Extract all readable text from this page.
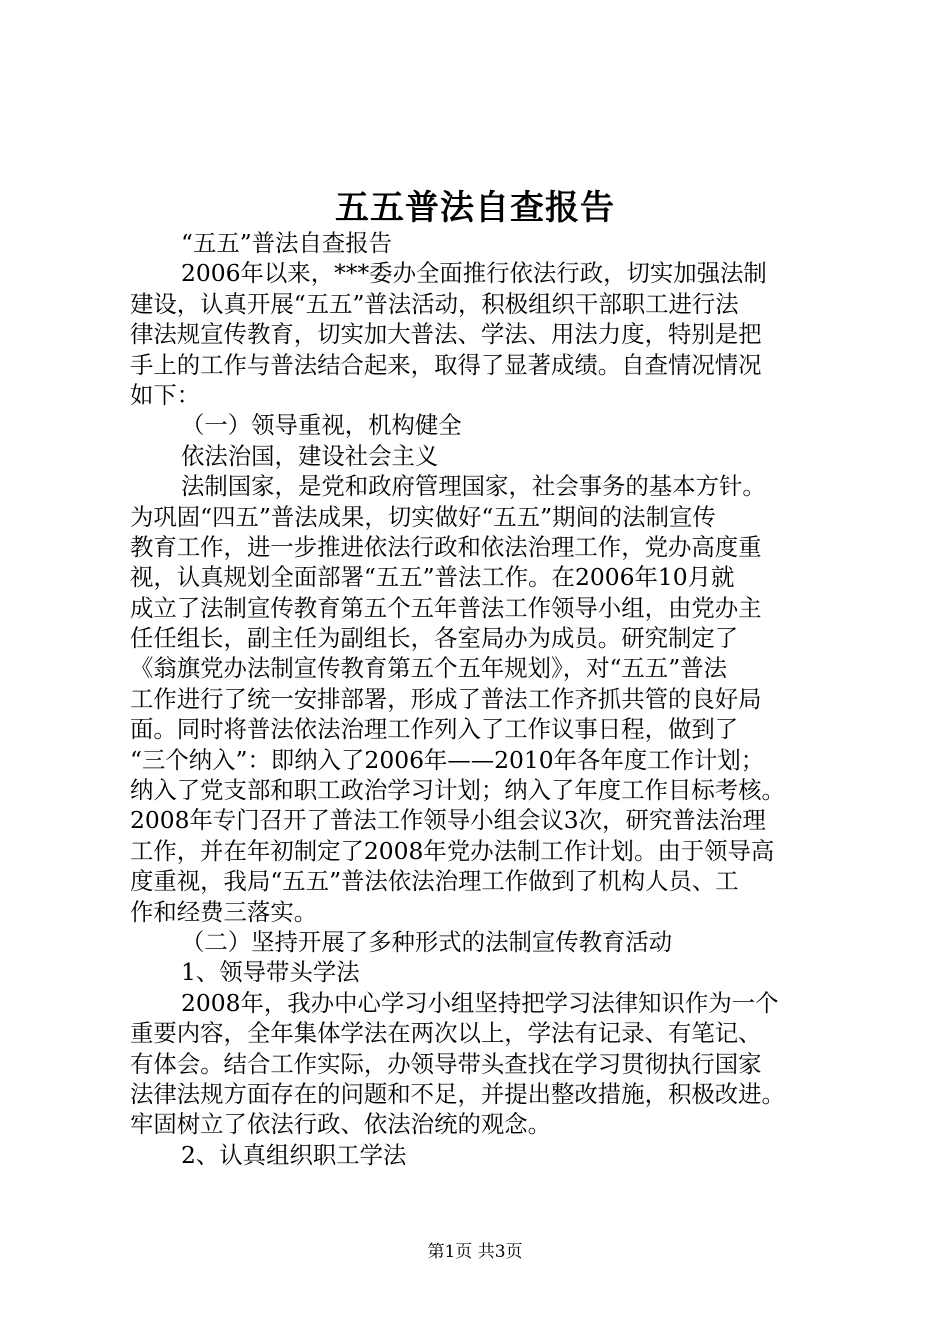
五五普法自查报告
“五五”普法自查报告
2006年以来，***委办全面推行依法行政，切实加强法制
建设，认真开展“五五”普法活动，积极组织干部职工进行法
律法规宣传教育，切实加大普法、学法、用法力度，特别是把
手上的工作与普法结合起来，取得了显著成绩。自查情况情况
如下：
（一）领导重视，机构健全
依法治国，建设社会主义
法制国家，是党和政府管理国家，社会事务的基本方针。
为巩固“四五”普法成果，切实做好“五五”期间的法制宣传
教育工作，进一步推进依法行政和依法治理工作，党办高度重
视，认真规划全面部署“五五”普法工作。在2006年10月就
成立了法制宣传教育第五个五年普法工作领导小组，由党办主
任任组长，副主任为副组长，各室局办为成员。研究制定了
《翁旗党办法制宣传教育第五个五年规划》，对“五五”普法
工作进行了统一安排部署，形成了普法工作齐抓共管的良好局
面。同时将普法依法治理工作列入了工作议事日程，做到了
“三个纳入”：即纳入了2006年——2010年各年度工作计划；
纳入了党支部和职工政治学习计划；纳入了年度工作目标考核。
2008年专门召开了普法工作领导小组会议3次，研究普法治理
工作，并在年初制定了2008年党办法制工作计划。由于领导高
度重视，我局“五五”普法依法治理工作做到了机构人员、工
作和经费三落实。
（二）坚持开展了多种形式的法制宣传教育活动
1、领导带头学法
2008年，我办中心学习小组坚持把学习法律知识作为一个
重要内容，全年集体学法在两次以上，学法有记录、有笔记、
有体会。结合工作实际，办领导带头查找在学习贯彻执行国家
法律法规方面存在的问题和不足，并提出整改措施，积极改进。
牢固树立了依法行政、依法治统的观念。
2、认真组织职工学法
第1页 共3页
